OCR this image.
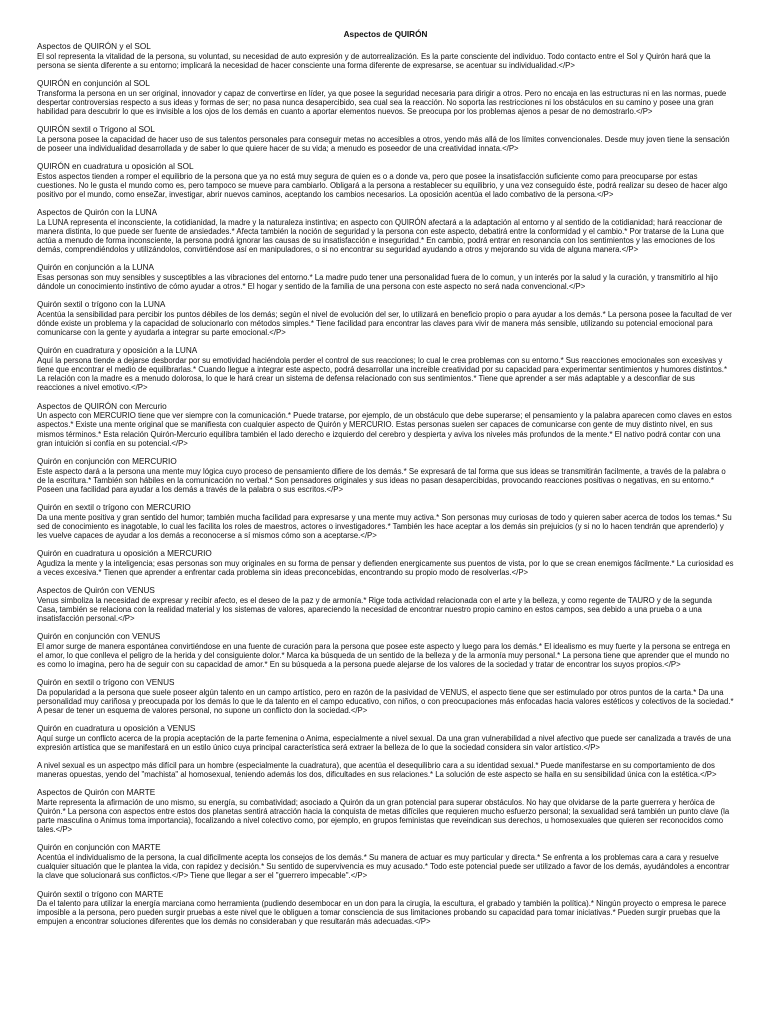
Aspectos de QUIRÓN
Aspectos de QUIRÓN y el SOL
El sol representa la vitalidad de la persona, su voluntad, su necesidad de auto expresión y de autorrealización. Es la parte consciente del individuo. Todo contacto entre el Sol y Quirón hará que la persona se sienta diferente a su entorno; implicará la necesidad de hacer consciente una forma diferente de expresarse, se acentuar su individualidad.</P>
QUIRÓN en conjunción al SOL
Transforma la persona en un ser original, innovador y capaz de convertirse en líder, ya que posee la seguridad necesaria para dirigir a otros. Pero no encaja en las estructuras ni en las normas, puede despertar controversias respecto a sus ideas y formas de ser; no pasa nunca desapercibido, sea cual sea la reacción. No soporta las restricciones ni los obstáculos en su camino y posee una gran habilidad para descubrir lo que es invisible a los ojos de los demás en cuanto a aportar elementos nuevos. Se preocupa por los problemas ajenos a pesar de no demostrarlo.</P>
QUIRÓN sextil o Trígono al SOL
La persona posee la capacidad de hacer uso de sus talentos personales para conseguir metas no accesibles a otros, yendo más allá de los límites convencionales. Desde muy joven tiene la sensación de poseer una individualidad desarrollada y de saber lo que quiere hacer de su vida; a menudo es poseedor de una creatividad innata.</P>
QUIRÓN en cuadratura u oposición al SOL
Estos aspectos tienden a romper el equilibrio de la persona que ya no está muy segura de quien es o a donde va, pero que posee la insatisfacción suficiente como para preocuparse por estas cuestiones. No le gusta el mundo como es, pero tampoco se mueve para cambiarlo. Obligará a la persona a restablecer su equilibrio, y una vez conseguido éste, podrá realizar su deseo de hacer algo positivo por el mundo, como enseZar, investigar, abrir nuevos caminos, aceptando los cambios necesarios. La oposición acentúa el lado combativo de la persona.</P>
Aspectos de Quirón con la LUNA
La LUNA representa el inconsciente, la cotidianidad, la madre y la naturaleza instintiva; en aspecto con QUIRÓN afectará a la adaptación al entorno y al sentido de la cotidianidad; hará reaccionar de manera distinta, lo que puede ser fuente de ansiedades.* Afecta también la noción de seguridad y la persona con este aspecto, debatirá entre la conformidad y el cambio.* Por tratarse de la Luna que actúa a menudo de forma inconsciente, la persona podrá ignorar las causas de su insatisfacción e inseguridad.* En cambio, podrá entrar en resonancia con los sentimientos y las emociones de los demás, comprendiéndolos y utilizándolos, convirtiéndose así en manipuladores, o si no encontrar su seguridad ayudando a otros y mejorando su vida de alguna manera.</P>
Quirón en conjunción a la LUNA
Esas personas son muy sensibles y susceptibles a las vibraciones del entorno.* La madre pudo tener una personalidad fuera de lo comun, y un interés por la salud y la curación, y transmitirlo al hijo dándole un conocimiento instintivo de cómo ayudar a otros.* El hogar y sentido de la familia de una persona con este aspecto no será nada convencional.</P>
Quirón sextil o trígono con la LUNA
Acentúa la sensibilidad para percibir los puntos débiles de los demás; según el nivel de evolución del ser, lo utilizará en beneficio propio o para ayudar a los demás.* La persona posee la facultad de ver dónde existe un problema y la capacidad de solucionarlo con métodos simples.* Tiene facilidad para encontrar las claves para vivir de manera más sensible, utilizando su potencial emocional para comunicarse con la gente y ayudarla a integrar su parte emocional.</P>
Quirón en cuadratura y oposición a la LUNA
Aquí la persona tiende a dejarse desbordar por su emotividad haciéndola perder el control de sus reacciones; lo cual le crea problemas con su entorno.* Sus reacciones emocionales son excesivas y tiene que encontrar el medio de equilibrarlas.* Cuando llegue a integrar este aspecto, podrá desarrollar una increible creatividad por su capacidad para experimentar sentimientos y humores distintos.* La relación con la madre es a menudo dolorosa, lo que le hará crear un sistema de defensa relacionado con sus sentimientos.* Tiene que aprender a ser más adaptable y a desconfiar de sus reacciones a nivel emotivo.</P>
Aspectos de QUIRÓN con Mercurio
Un aspecto con MERCURIO tiene que ver siempre con la comunicación.* Puede tratarse, por ejemplo, de un obstáculo que debe superarse; el pensamiento y la palabra aparecen como claves en estos aspectos.* Existe una mente original que se manifiesta con cualquier aspecto de Quirón y MERCURIO. Estas personas suelen ser capaces de comunicarse con gente de muy distinto nivel, en sus mismos términos.* Esta relación Quirón-Mercurio equilibra también el lado derecho e izquierdo del cerebro y despierta y aviva los niveles más profundos de la mente.* El nativo podrá contar con una gran intuición si confía en su potencial.</P>
Quirón en conjunción con MERCURIO
Este aspecto dará a la persona una mente muy lógica cuyo proceso de pensamiento difiere de los demás.* Se expresará de tal forma que sus ideas se transmitirán facilmente, a través de la palabra o de la escritura.* También son hábiles en la comunicación no verbal.* Son pensadores originales y sus ideas no pasan desapercibidas, provocando reacciones positivas o negativas, en su entorno.* Poseen una facilidad para ayudar a los demás a través de la palabra o sus escritos.</P>
Quirón en sextil o trígono con MERCURIO
Da una mente positiva y gran sentido del humor; también mucha facilidad para expresarse y una mente muy activa.* Son personas muy curiosas de todo y quieren saber acerca de todos los temas.* Su sed de conocimiento es inagotable, lo cual les facilita los roles de maestros, actores o investigadores.* También les hace aceptar a los demás sin prejuicios (y si no lo hacen tendrán que aprenderlo) y les vuelve capaces de ayudar a los demás a reconocerse a sí mismos cómo son a aceptarse.</P>
Quirón en cuadratura u oposición a MERCURIO
Agudiza la mente y la inteligencia; esas personas son muy originales en su forma de pensar y defienden energicamente sus puentos de vista, por lo que se crean enemigos fácilmente.* La curiosidad es a veces excesiva.* Tienen que aprender a enfrentar cada problema sin ideas preconcebidas, encontrando su propio modo de resolverlas.</P>
Aspectos de Quirón con VENUS
Venus simboliza la necesidad de expresar y recibir afecto, es el deseo de la paz y de armonía.* Rige toda actividad relacionada con el arte y la belleza, y como regente de TAURO y de la segunda Casa, también se relaciona con la realidad material y los sistemas de valores, apareciendo la necesidad de encontrar nuestro propio camino en estos campos, sea debido a una prueba o a una insatisfacción personal.</P>
Quirón en conjunción con VENUS
El amor surge de manera espontánea convirtiéndose en una fuente de curación para la persona que posee este aspecto y luego para los demás.* El idealismo es muy fuerte y la persona se entrega en el amor, lo que conlleva el peligro de la herida y del consiguiente dolor.* Marca ka búsqueda de un sentido de la belleza y de la armonía muy personal.* La persona tiene que aprender que el mundo no es como lo imagina, pero ha de seguir con su capacidad de amor.* En su búsqueda a la persona puede alejarse de los valores de la sociedad y tratar de encontrar los suyos propios.</P>
Quirón en sextil o trígono con VENUS
Da popularidad a la persona que suele poseer algún talento en un campo artístico, pero en razón de la pasividad de VENUS, el aspecto tiene que ser estimulado por otros puntos de la carta.* Da una personalidad muy cariñosa y preocupada por los demás lo que le da talento en el campo educativo, con niños, o con preocupaciones más enfocadas hacia valores estéticos y colectivos de la sociedad.* A pesar de tener un esquema de valores personal, no supone un conflicto don la sociedad.</P>
Quirón en cuadratura u oposición a VENUS
Aquí surge un conflicto acerca de la propia aceptación de la parte femenina o Anima, especialmente a nivel sexual. Da una gran vulnerabilidad a nivel afectivo que puede ser canalizada a través de una expresión artística que se manifestará en un estilo único cuya principal característica será extraer la belleza de lo que la sociedad considera sin valor artístico.</P>
A nivel sexual es un aspectpo más difícil para un hombre (especialmente la cuadratura), que acentúa el desequilibrio cara a su identidad sexual.* Puede manifestarse en su comportamiento de dos maneras opuestas, yendo del "machista" al homosexual, teniendo además los dos, dificultades en sus relaciones.* La solución de este aspecto se halla en su sensibilidad única con la estética.</P>
Aspectos de Quirón con MARTE
Marte representa la afirmación de uno mismo, su energía, su combatividad; asociado a Quirón da un gran potencial para superar obstáculos. No hay que olvidarse de la parte guerrera y heróica de Quirón.* La persona con aspectos entre estos dos planetas sentirá atracción hacia la conquista de metas difíciles que requieren mucho esfuerzo personal; la sexualidad será también un punto clave (la parte masculina o Animus toma importancia), focalizando a nivel colectivo como, por ejemplo, en grupos feministas que reveindican sus derechos, u homosexuales que quieren ser reconocidos como tales.</P>
Quirón en conjunción con MARTE
Acentúa el individualismo de la persona, la cual dificilmente acepta los consejos de los demás.* Su manera de actuar es muy particular y directa.* Se enfrenta a los problemas cara a cara y resuelve cualquier situación que le plantea la vida, con rapidez y decisión.* Su sentido de supervivencia es muy acusado.* Todo este potencial puede ser utilizado a favor de los demás, ayudándoles a encontrar la clave que solucionará sus conflictos.</P> Tiene que llegar a ser el "guerrero impecable".</P>
Quirón sextil o trígono con MARTE
Da el talento para utilizar la energía marciana como herramienta (pudiendo desembocar en un don para la cirugía, la escultura, el grabado y también la política).* Ningún proyecto o empresa le parece imposible a la persona, pero pueden surgir pruebas a este nivel que le obliguen a tomar consciencia de sus limitaciones probando su capacidad para tomar iniciativas.* Pueden surgir pruebas que la empujen a encontrar soluciones diferentes que los demás no consideraban y que resultarán más adecuadas.</P>
